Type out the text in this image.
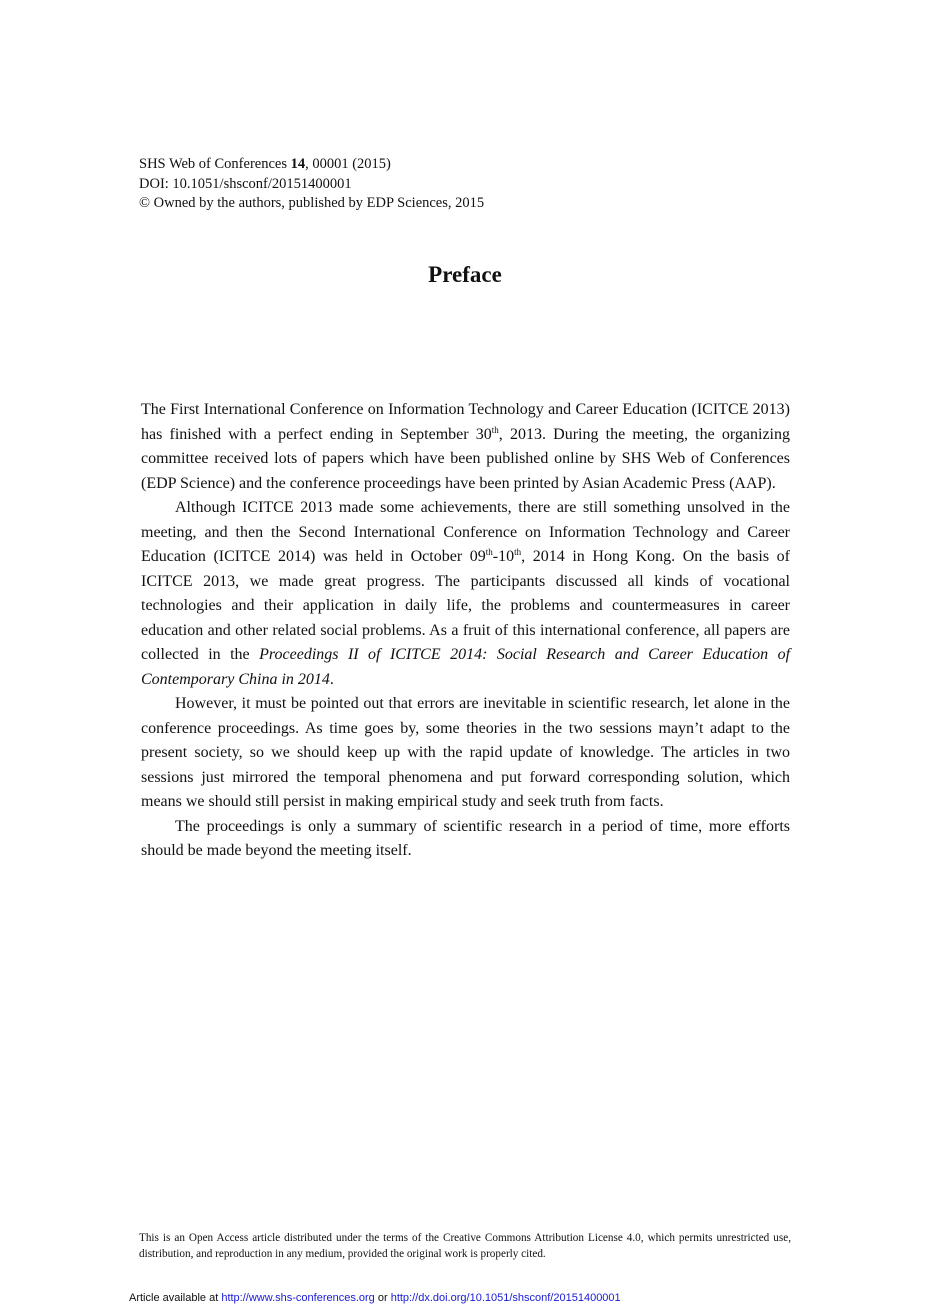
SHS Web of Conferences 14, 00001 (2015)
DOI: 10.1051/shsconf/20151400001
© Owned by the authors, published by EDP Sciences, 2015
Preface

The First International Conference on Information Technology and Career Education (ICITCE 2013) has finished with a perfect ending in September 30th, 2013. During the meeting, the organizing committee received lots of papers which have been published online by SHS Web of Conferences (EDP Science) and the conference proceedings have been printed by Asian Academic Press (AAP).

Although ICITCE 2013 made some achievements, there are still something unsolved in the meeting, and then the Second International Conference on Information Technology and Career Education (ICITCE 2014) was held in October 09th-10th, 2014 in Hong Kong. On the basis of ICITCE 2013, we made great progress. The participants discussed all kinds of vocational technologies and their application in daily life, the problems and countermeasures in career education and other related social problems. As a fruit of this international conference, all papers are collected in the Proceedings II of ICITCE 2014: Social Research and Career Education of Contemporary China in 2014.

However, it must be pointed out that errors are inevitable in scientific research, let alone in the conference proceedings. As time goes by, some theories in the two sessions mayn’t adapt to the present society, so we should keep up with the rapid update of knowledge. The articles in two sessions just mirrored the temporal phenomena and put forward corresponding solution, which means we should still persist in making empirical study and seek truth from facts.

The proceedings is only a summary of scientific research in a period of time, more efforts should be made beyond the meeting itself.

This is an Open Access article distributed under the terms of the Creative Commons Attribution License 4.0, which permits unrestricted use, distribution, and reproduction in any medium, provided the original work is properly cited.
Article available at http://www.shs-conferences.org or http://dx.doi.org/10.1051/shsconf/20151400001
